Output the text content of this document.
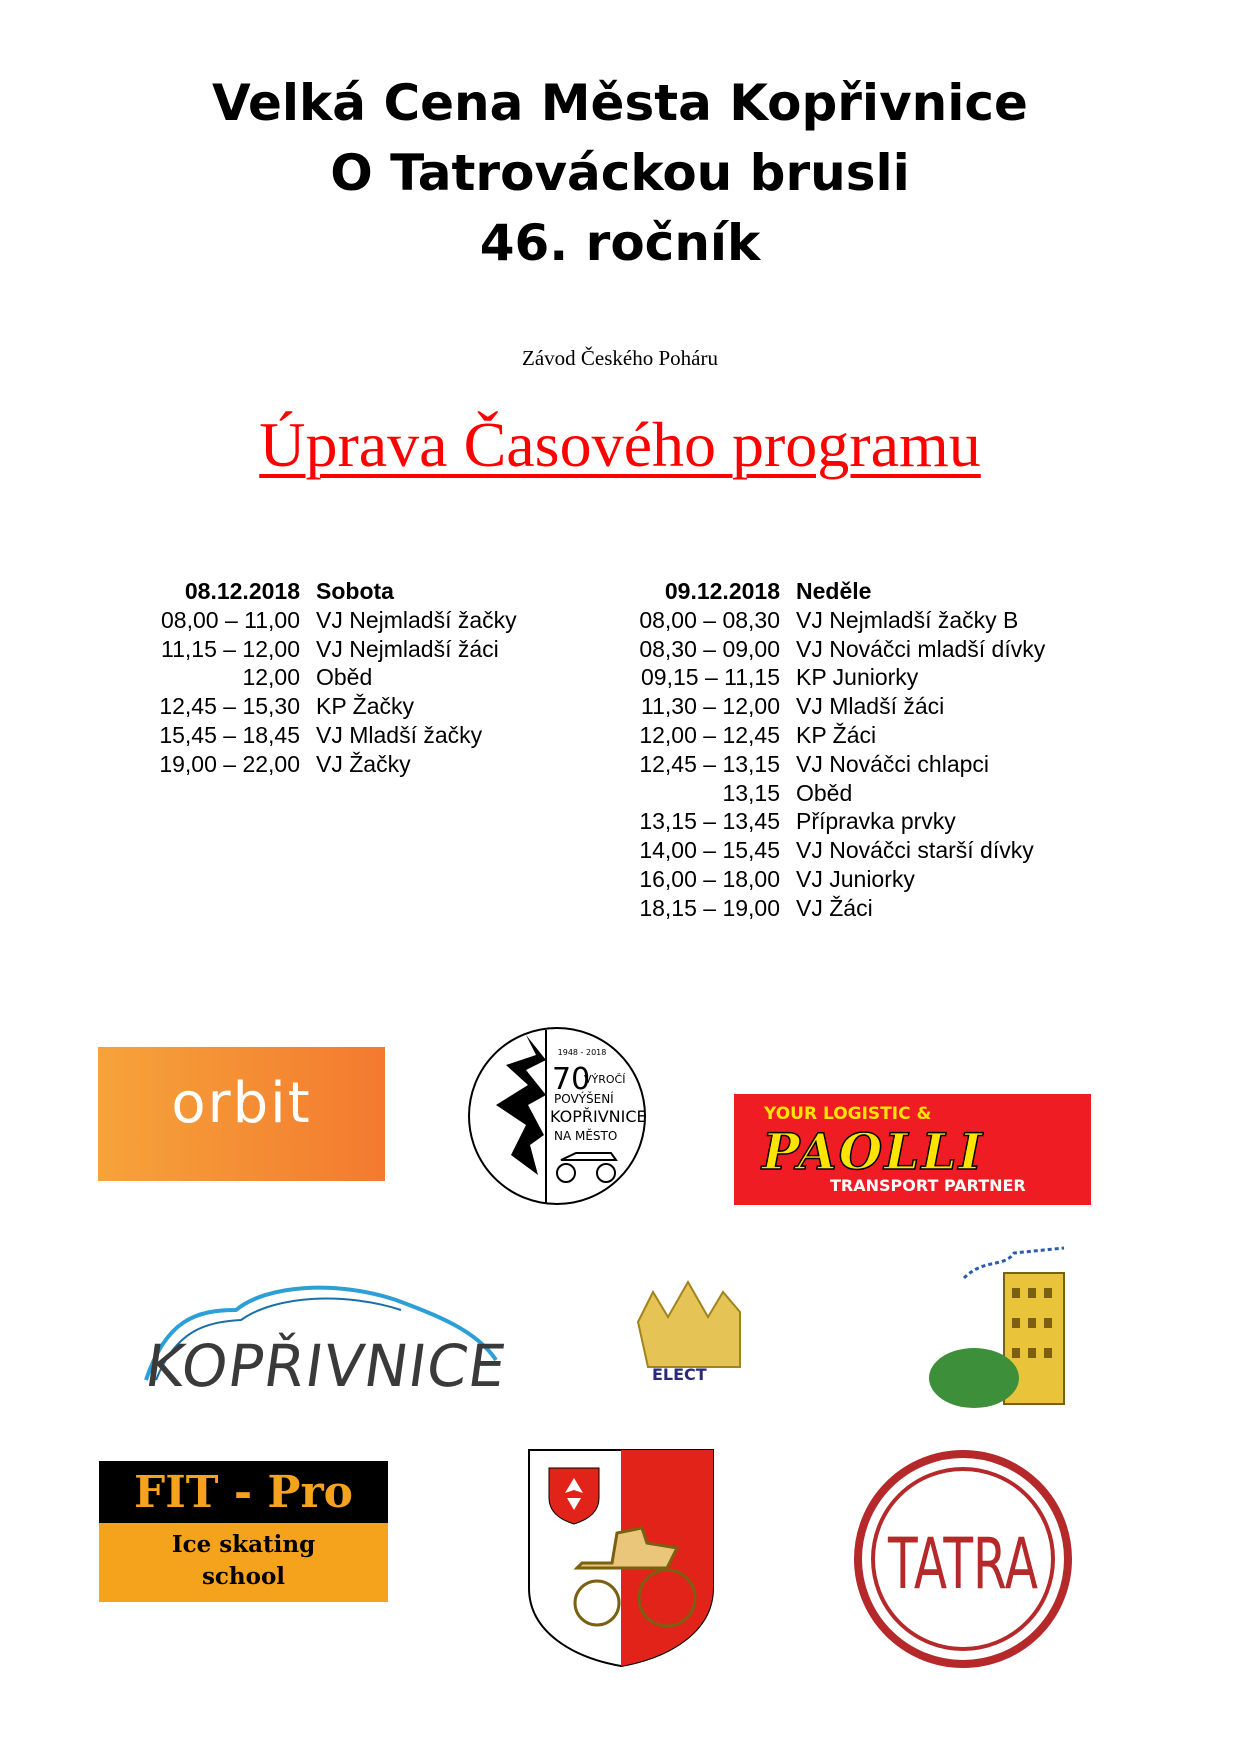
Velká Cena Města Kopřivnice
O Tatrováckou brusli
46. ročník
Závod Českého Poháru
Úprava Časového programu
08.12.2018 Sobota
08,00 – 11,00 VJ Nejmladší žačky
11,15 – 12,00 VJ Nejmladší žáci
12,00 Oběd
12,45 – 15,30 KP Žačky
15,45 – 18,45 VJ Mladší žačky
19,00 – 22,00 VJ Žačky
09.12.2018 Neděle
08,00 – 08,30 VJ Nejmladší žačky B
08,30 – 09,00 VJ Nováčci mladší dívky
09,15 – 11,15 KP Juniorky
11,30 – 12,00 VJ Mladší žáci
12,00 – 12,45 KP Žáci
12,45 – 13,15 VJ Nováčci chlapci
13,15 Oběd
13,15 – 13,45 Přípravka prvky
14,00 – 15,45 VJ Nováčci starší dívky
16,00 – 18,00 VJ Juniorky
18,15 – 19,00 VJ Žáci
orbit
1948 - 2018
70
VÝROČÍ
POVÝŠENÍ
KOPŘIVNICE
NA MĚSTO
YOUR LOGISTIC &
PAOLLI
TRANSPORT PARTNER
KOPŘIVNICE	ELECT
FIT - Pro
Ice skating
school	TATRA
